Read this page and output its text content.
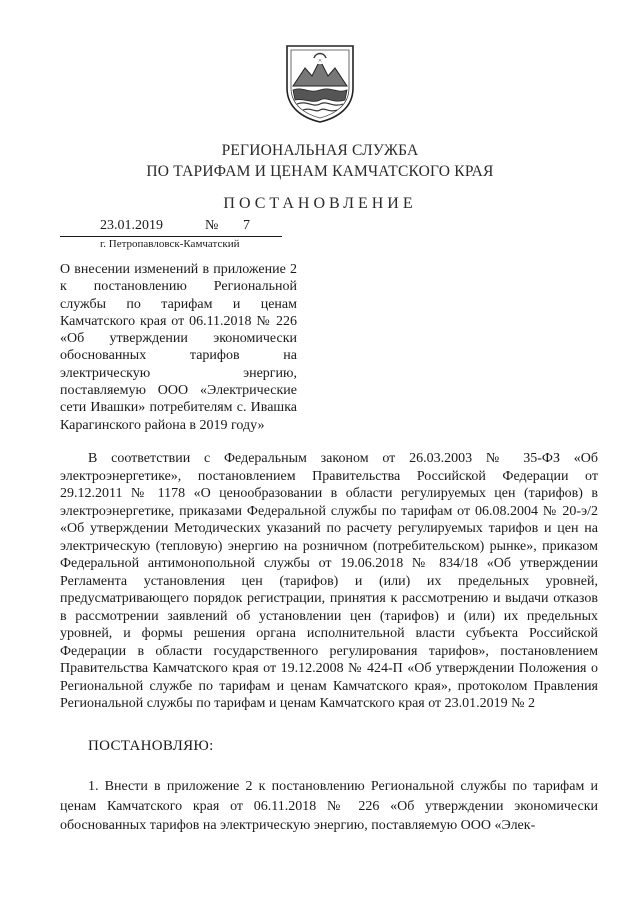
РЕГИОНАЛЬНАЯ СЛУЖБА
ПО ТАРИФАМ И ЦЕНАМ КАМЧАТСКОГО КРАЯ
ПОСТАНОВЛЕНИЕ
23.01.2019	№ 7
г. Петропавловск-Камчатский
О внесении изменений в приложение 2 к постановлению Региональной службы по тарифам и ценам Камчатского края от 06.11.2018 № 226 «Об утверждении экономически обоснованных тарифов на электрическую энергию, поставляемую ООО «Электрические сети Ивашки» потребителям с. Ивашка Карагинского района в 2019 году»

В соответствии с Федеральным законом от 26.03.2003 № 35-ФЗ «Об электроэнергетике», постановлением Правительства Российской Федерации от 29.12.2011 № 1178 «О ценообразовании в области регулируемых цен (тарифов) в электроэнергетике, приказами Федеральной службы по тарифам от 06.08.2004 № 20-э/2 «Об утверждении Методических указаний по расчету регулируемых тарифов и цен на электрическую (тепловую) энергию на розничном (потребительском) рынке», приказом Федеральной антимонопольной службы от 19.06.2018 № 834/18 «Об утверждении Регламента установления цен (тарифов) и (или) их предельных уровней, предусматривающего порядок регистрации, принятия к рассмотрению и выдачи отказов в рассмотрении заявлений об установлении цен (тарифов) и (или) их предельных уровней, и формы решения органа исполнительной власти субъекта Российской Федерации в области государственного регулирования тарифов», постановлением Правительства Камчатского края от 19.12.2008 № 424-П «Об утверждении Положения о Региональной службе по тарифам и ценам Камчатского края», протоколом Правления Региональной службы по тарифам и ценам Камчатского края от 23.01.2019 № 2

ПОСТАНОВЛЯЮ:

1. Внести в приложение 2 к постановлению Региональной службы по тарифам и ценам Камчатского края от 06.11.2018 № 226 «Об утверждении экономически обоснованных тарифов на электрическую энергию, поставляемую ООО «Элек-
